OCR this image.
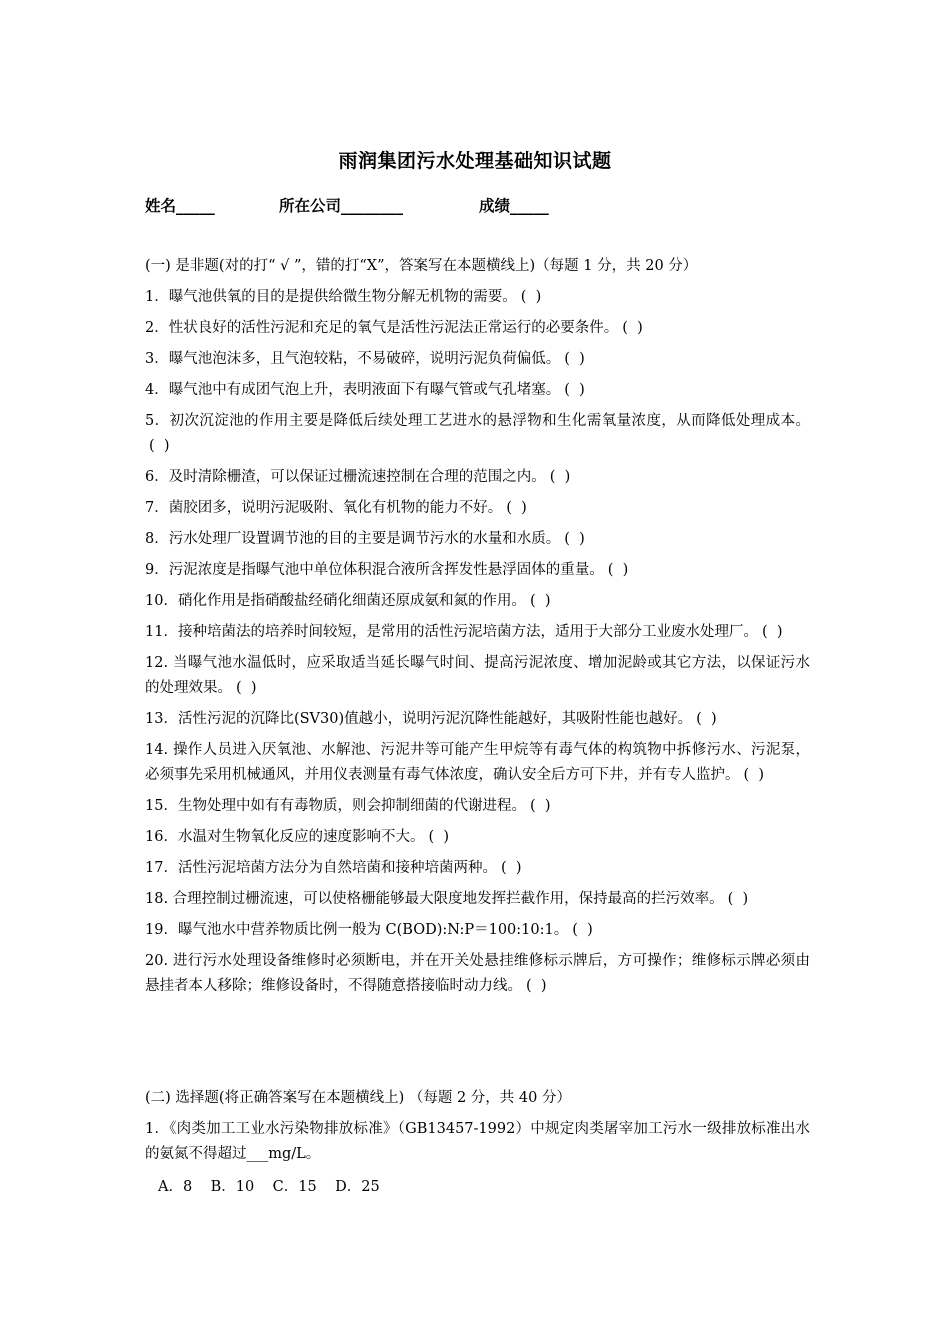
雨润集团污水处理基础知识试题
姓名_____	所在公司________	成绩_____
(一) 是非题(对的打“ √ ”，错的打“X”，答案写在本题横线上)（每题 1 分，共 20 分）
1．曝气池供氧的目的是提供给微生物分解无机物的需要。 (  )
2．性状良好的活性污泥和充足的氧气是活性污泥法正常运行的必要条件。 (  )
3．曝气池泡沫多，且气泡较粘，不易破碎，说明污泥负荷偏低。 (  )
4．曝气池中有成团气泡上升，表明液面下有曝气管或气孔堵塞。 (  )
5．初次沉淀池的作用主要是降低后续处理工艺进水的悬浮物和生化需氧量浓度，从而降低处理成本。(  )
6．及时清除栅渣，可以保证过栅流速控制在合理的范围之内。 (  )
7．菌胶团多，说明污泥吸附、氧化有机物的能力不好。 (  )
8．污水处理厂设置调节池的目的主要是调节污水的水量和水质。 (  )
9．污泥浓度是指曝气池中单位体积混合液所含挥发性悬浮固体的重量。 (  )
10．硝化作用是指硝酸盐经硝化细菌还原成氨和氮的作用。 (  )
11．接种培菌法的培养时间较短，是常用的活性污泥培菌方法，适用于大部分工业废水处理厂。 (  )
12. 当曝气池水温低时，应采取适当延长曝气时间、提高污泥浓度、增加泥龄或其它方法，以保证污水的处理效果。 (  )
13．活性污泥的沉降比(SV30)值越小，说明污泥沉降性能越好，其吸附性能也越好。 (  )
14. 操作人员进入厌氧池、水解池、污泥井等可能产生甲烷等有毒气体的构筑物中拆修污水、污泥泵，必须事先采用机械通风，并用仪表测量有毒气体浓度，确认安全后方可下井，并有专人监护。 (  )
15．生物处理中如有有毒物质，则会抑制细菌的代谢进程。 (  )
16．水温对生物氧化反应的速度影响不大。 (  )
17．活性污泥培菌方法分为自然培菌和接种培菌两种。 (  )
18. 合理控制过栅流速，可以使格栅能够最大限度地发挥拦截作用，保持最高的拦污效率。 (  )
19．曝气池水中营养物质比例一般为 C(BOD):N:P＝100:10:1。 (  )
20. 进行污水处理设备维修时必须断电，并在开关处悬挂维修标示牌后，方可操作；维修标示牌必须由悬挂者本人移除；维修设备时，不得随意搭接临时动力线。 (  )
(二) 选择题(将正确答案写在本题横线上) （每题 2 分，共 40 分）
1．《肉类加工工业水污染物排放标准》（GB13457-1992）中规定肉类屠宰加工污水一级排放标准出水的氨氮不得超过___mg/L。
A．8    B．10    C．15    D．25
